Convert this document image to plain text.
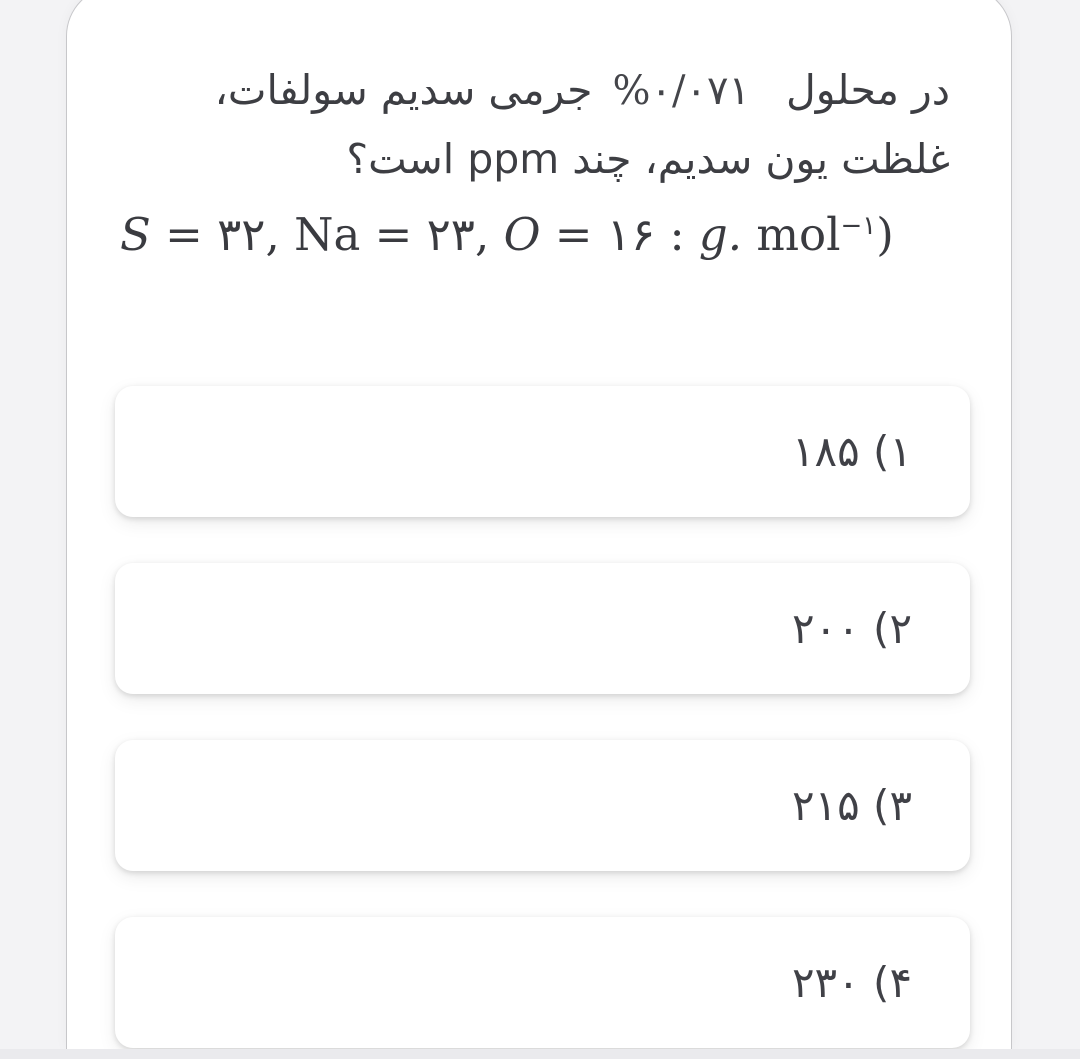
در محلول%۰/۰۷۱جرمی سدیم سولفات،
غلظت یون سدیم، چند ppm است؟
S = ۳۲, Na = ۲۳, O = ۱۶ : g. mol$^{-۱}$)
۱) ۱۸۵
۲) ۲۰۰
۳) ۲۱۵
۴) ۲۳۰
